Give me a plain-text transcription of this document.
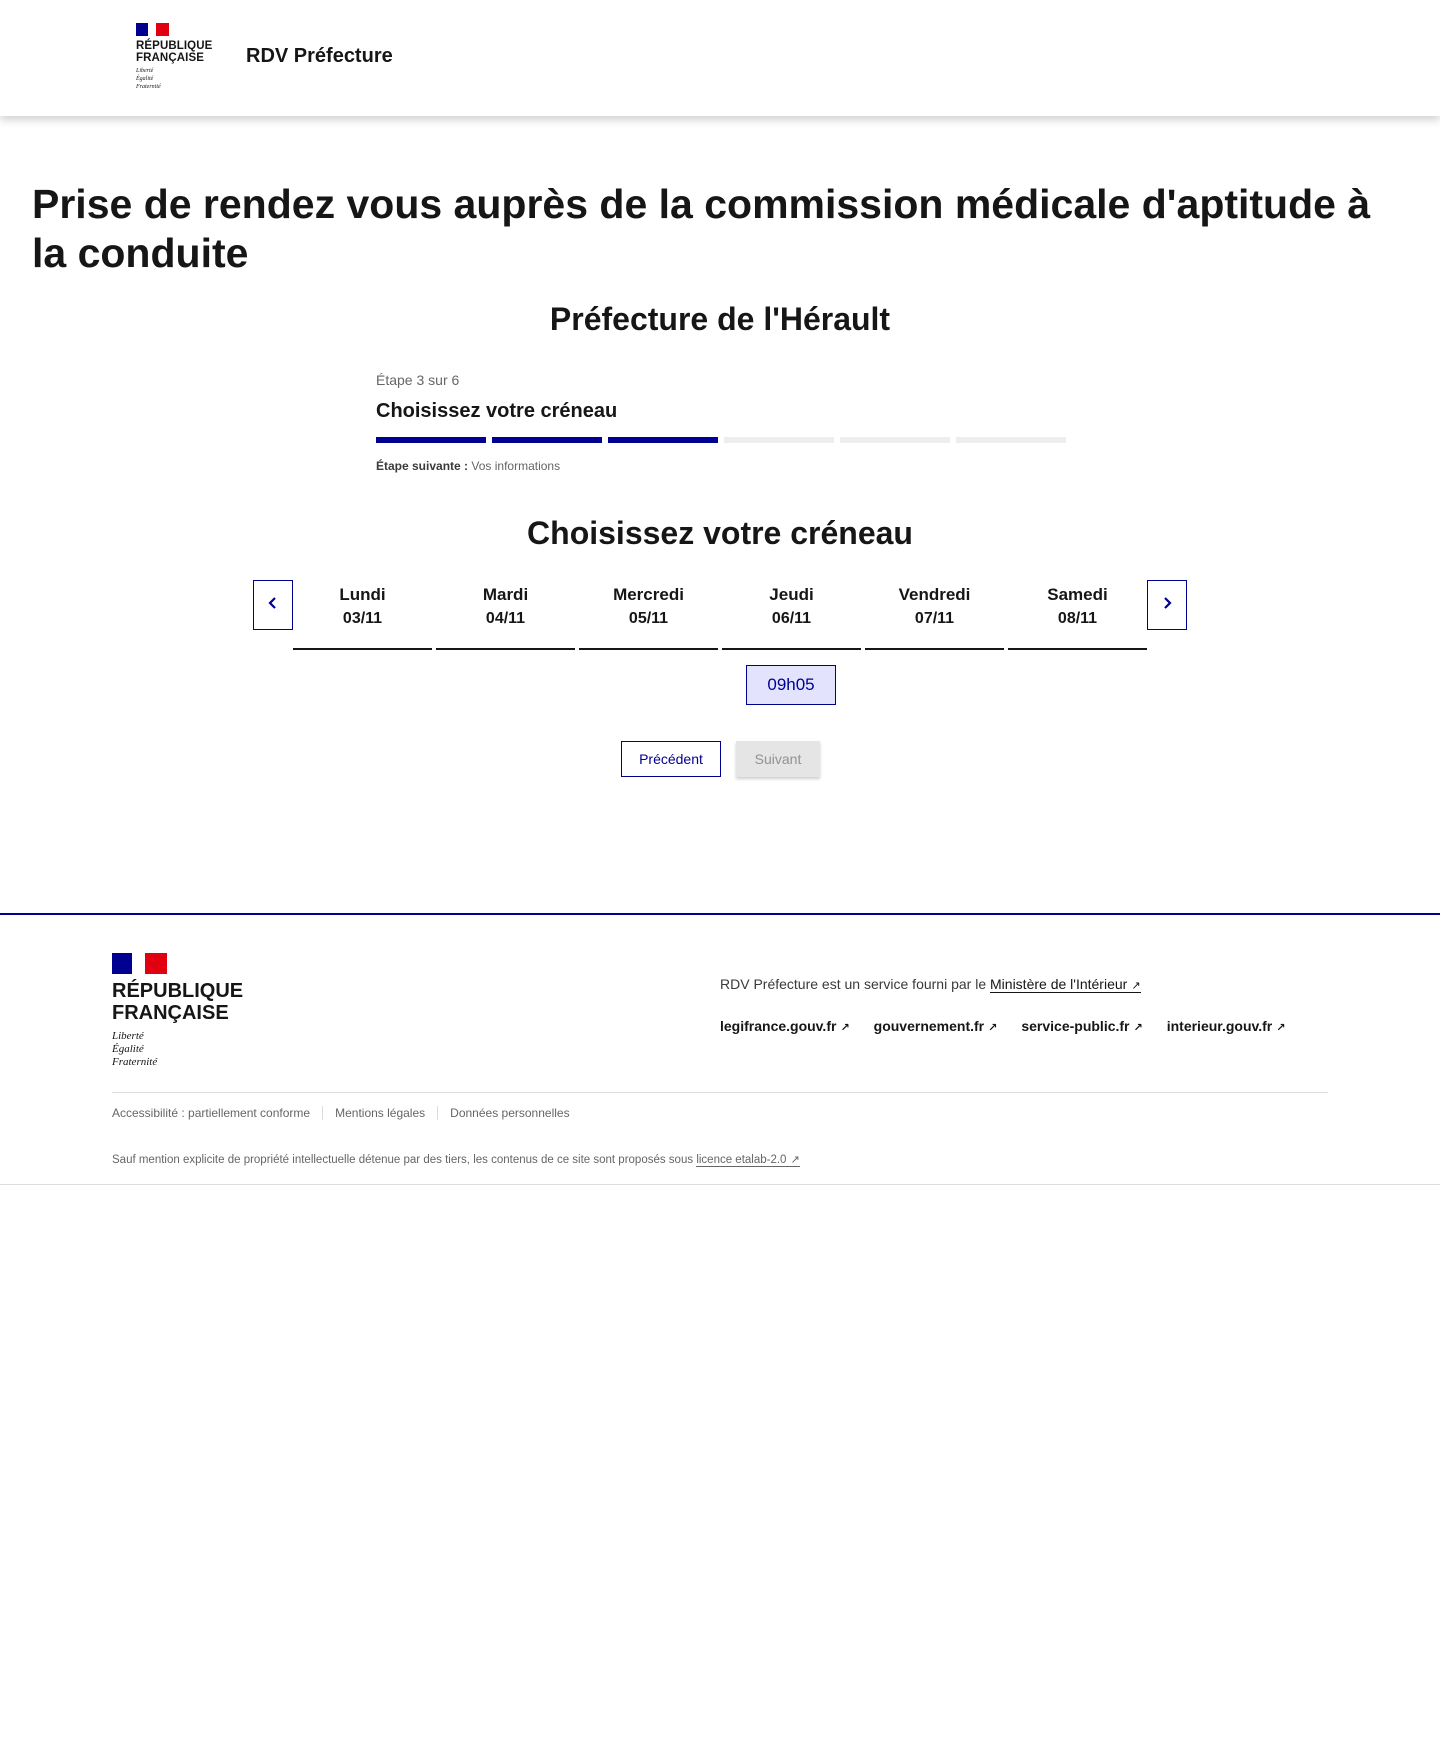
RÉPUBLIQUE
FRANÇAISE
Liberté
Égalité
Fraternité
RDV Préfecture
Prise de rendez vous auprès de la commission médicale d'aptitude à la conduite
Préfecture de l'Hérault
Étape 3 sur 6
Choisissez votre créneau
Étape suivante : Vos informations
Choisissez votre créneau
Lundi
03/11
Mardi
04/11
Mercredi
05/11
Jeudi
06/11
Vendredi
07/11
Samedi
08/11
09h05
Précédent	Suivant
RÉPUBLIQUE
FRANÇAISE
Liberté
Égalité
Fraternité
RDV Préfecture est un service fourni par le Ministère de l'Intérieur ↗
legifrance.gouv.fr ↗ gouvernement.fr ↗ service-public.fr ↗ interieur.gouv.fr ↗
Accessibilité : partiellement conforme	Mentions légales	Données personnelles
Sauf mention explicite de propriété intellectuelle détenue par des tiers, les contenus de ce site sont proposés sous licence etalab-2.0 ↗
